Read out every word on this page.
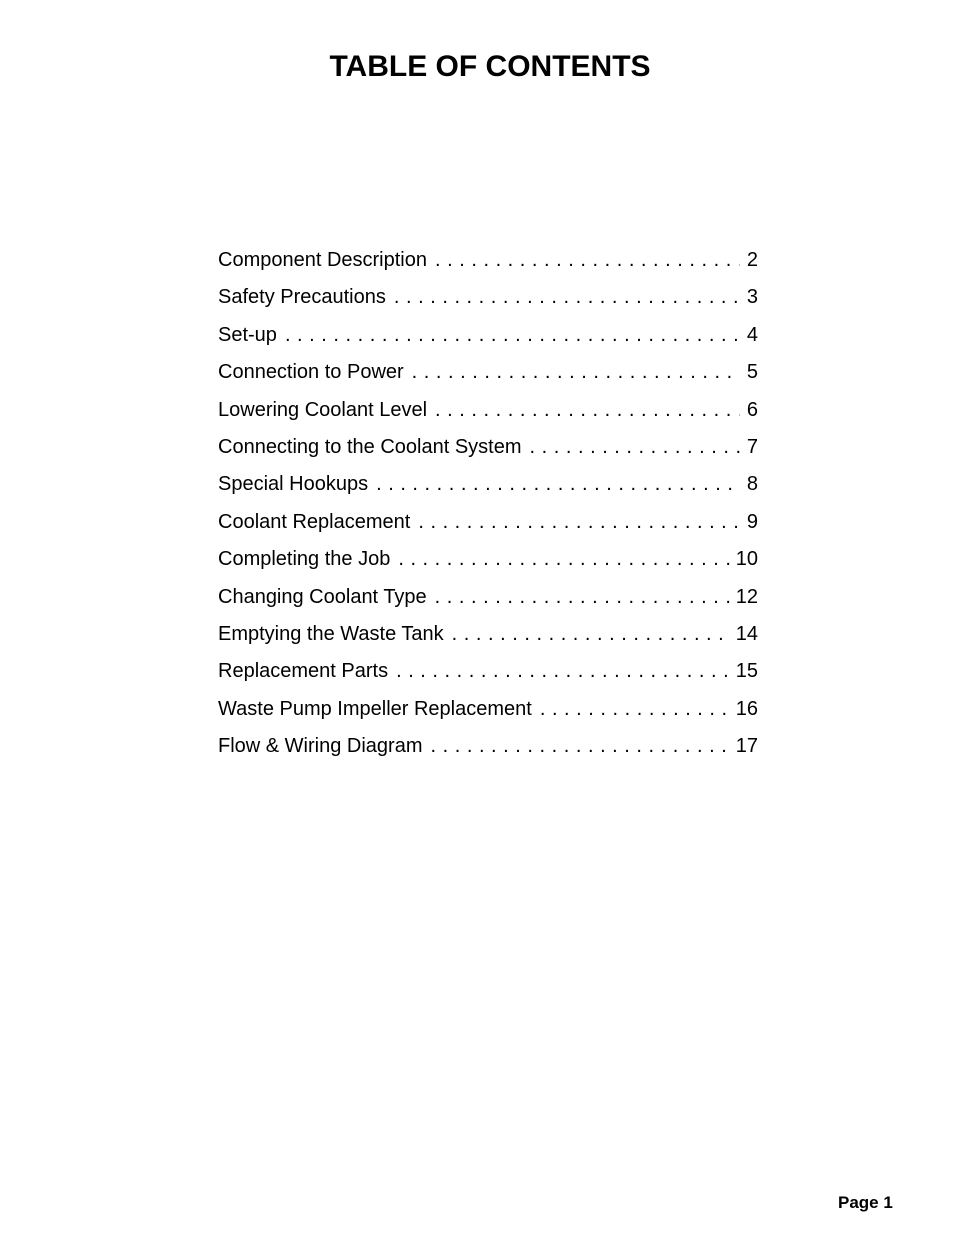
TABLE OF CONTENTS
Component Description . . .	2
Safety Precautions . . .	3
Set-up . . .	4
Connection to Power . . .	5
Lowering Coolant Level . . .	6
Connecting to the Coolant System . . .	7
Special Hookups . . .	8
Coolant Replacement . . .	9
Completing the Job . . .	10
Changing Coolant Type . . .	12
Emptying the Waste Tank . . .	14
Replacement Parts . . .	15
Waste Pump Impeller Replacement . . .	16
Flow & Wiring Diagram . . .	17
Page 1
